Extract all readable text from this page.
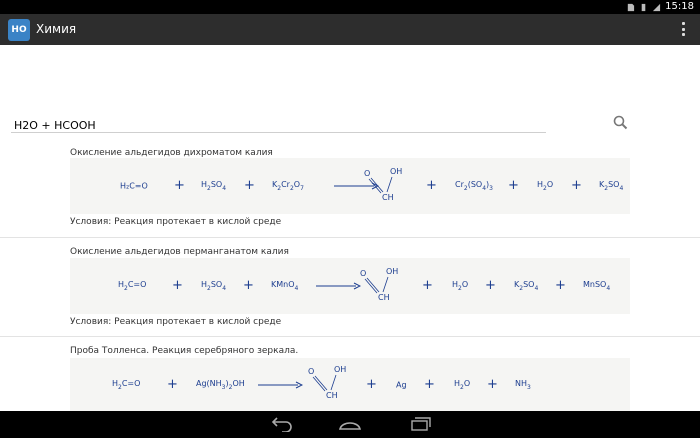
15:18
HO Химия
H2O + HCOOH
Окисление альдегидов дихроматом калия
$H_2C=O + H_2SO_4 + K_2Cr_2O_7$
O OH
CH
+ $Cr_2(SO_4)_3 + H_2O + K_2SO_4$
Условия: Реакция протекает в кислой среде
Окисление альдегидов перманганатом калия
$H_2C=O + H_2SO_4$ + KMnO$_4$
O OH
CH
+ $H_2O + K_2SO_4$ + MnSO$_4$
Условия: Реакция протекает в кислой среде
Проба Толленса. Реакция серебряного зеркала.
$H_2C=O + Ag(NH_3)_2OH$
O OH
CH
+ $Ag + H_2O + NH_3$
